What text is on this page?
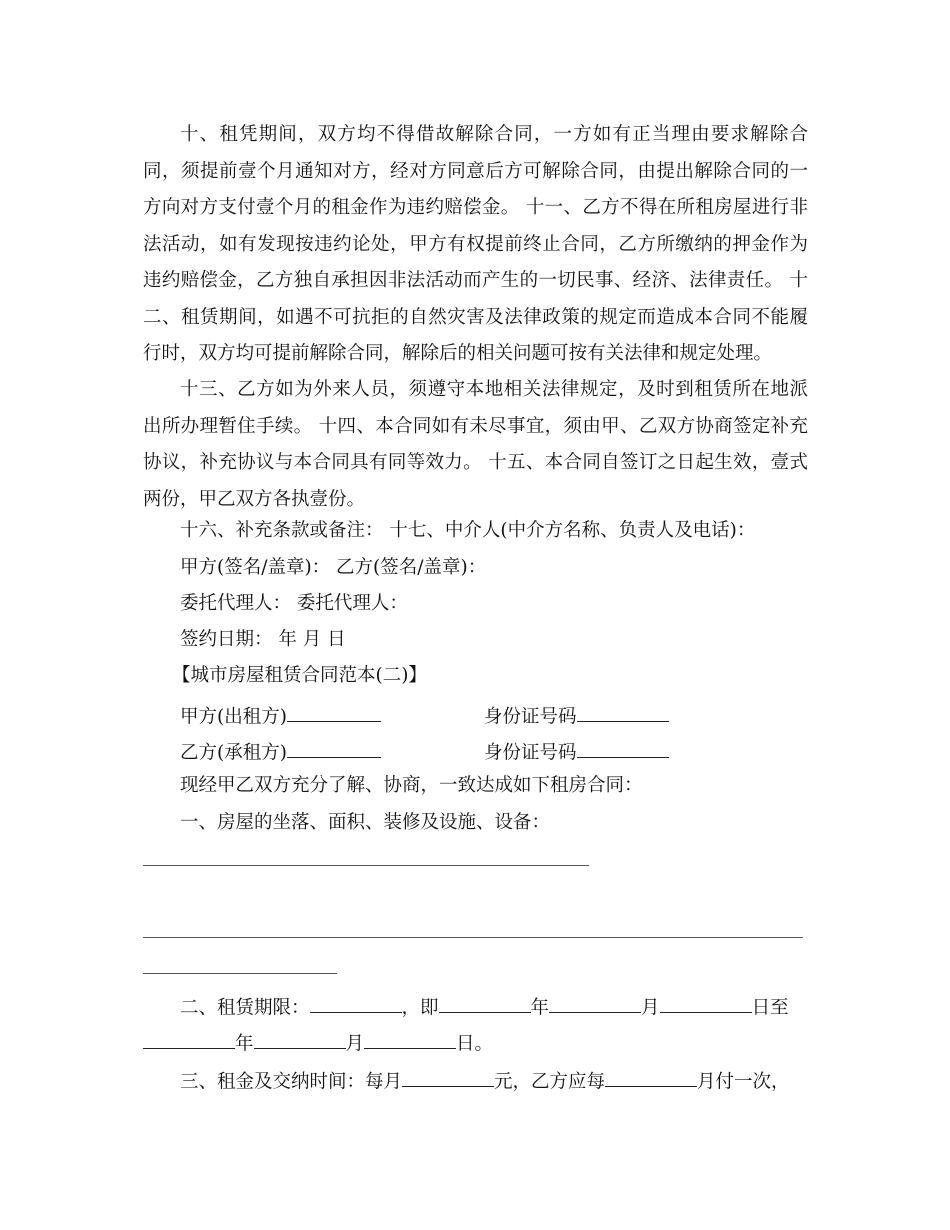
十、租凭期间，双方均不得借故解除合同，一方如有正当理由要求解除合同，须提前壹个月通知对方，经对方同意后方可解除合同，由提出解除合同的一方向对方支付壹个月的租金作为违约赔偿金。 十一、乙方不得在所租房屋进行非法活动，如有发现按违约论处，甲方有权提前终止合同，乙方所缴纳的押金作为违约赔偿金，乙方独自承担因非法活动而产生的一切民事、经济、法律责任。 十二、租赁期间，如遇不可抗拒的自然灾害及法律政策的规定而造成本合同不能履行时，双方均可提前解除合同，解除后的相关问题可按有关法律和规定处理。

十三、乙方如为外来人员，须遵守本地相关法律规定，及时到租赁所在地派出所办理暂住手续。 十四、本合同如有未尽事宜，须由甲、乙双方协商签定补充协议，补充协议与本合同具有同等效力。 十五、本合同自签订之日起生效，壹式两份，甲乙双方各执壹份。

十六、补充条款或备注： 十七、中介人(中介方名称、负责人及电话)：
甲方(签名/盖章)： 乙方(签名/盖章)：
委托代理人： 委托代理人：
签约日期： 年 月 日
【城市房屋租赁合同范本(二)】
甲方(出租方)	身份证号码
乙方(承租方)	身份证号码
现经甲乙双方充分了解、协商，一致达成如下租房合同：
一、房屋的坐落、面积、装修及设施、设备：
二、租赁期限：	，即	年	月	日至
年	月	日。
三、租金及交纳时间：每月	元，乙方应每	月付一次，
